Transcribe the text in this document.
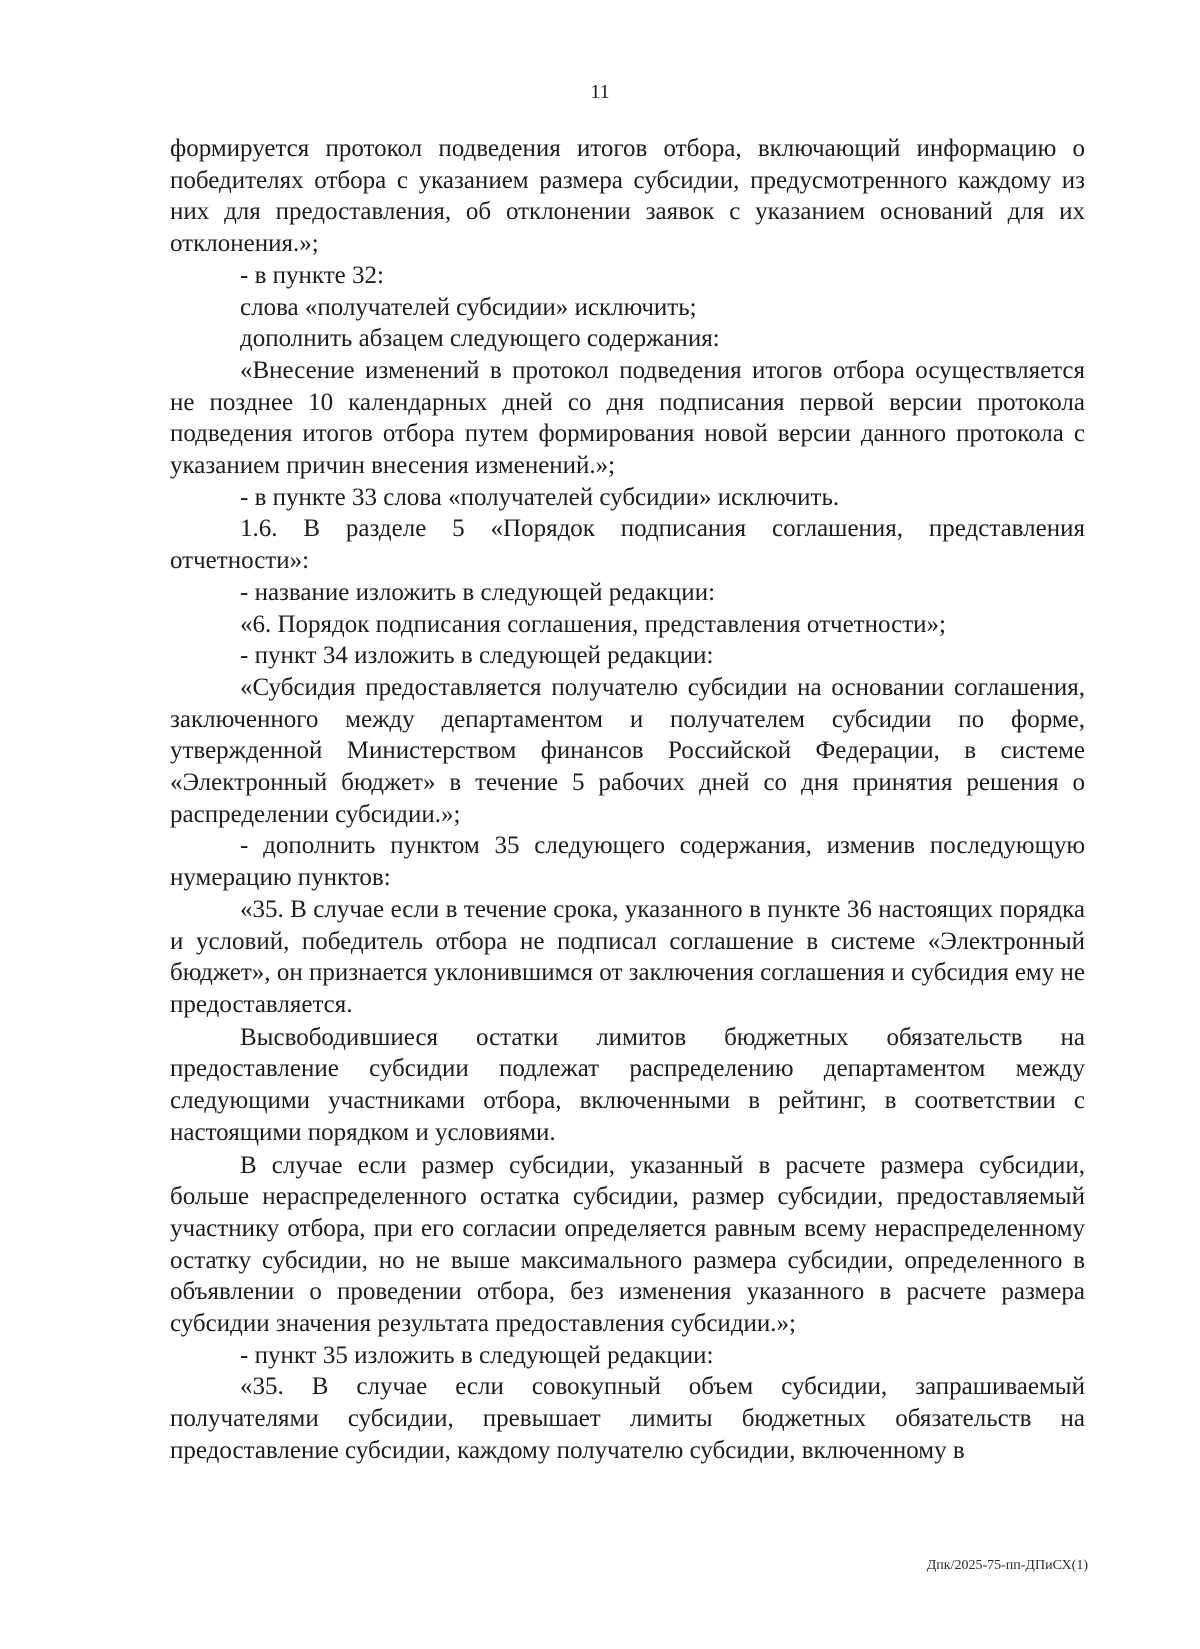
11

формируется протокол подведения итогов отбора, включающий информацию о победителях отбора с указанием размера субсидии, предусмотренного каждому из них для предоставления, об отклонении заявок с указанием оснований для их отклонения.»;

- в пункте 32:

слова «получателей субсидии» исключить;

дополнить абзацем следующего содержания:

«Внесение изменений в протокол подведения итогов отбора осуществляется не позднее 10 календарных дней со дня подписания первой версии протокола подведения итогов отбора путем формирования новой версии данного протокола с указанием причин внесения изменений.»;

- в пункте 33 слова «получателей субсидии» исключить.

1.6. В разделе 5 «Порядок подписания соглашения, представления отчетности»:

- название изложить в следующей редакции:

«6. Порядок подписания соглашения, представления отчетности»;

- пункт 34 изложить в следующей редакции:

«Субсидия предоставляется получателю субсидии на основании соглашения, заключенного между департаментом и получателем субсидии по форме, утвержденной Министерством финансов Российской Федерации, в системе «Электронный бюджет» в течение 5 рабочих дней со дня принятия решения о распределении субсидии.»;

- дополнить пунктом 35 следующего содержания, изменив последующую нумерацию пунктов:

«35. В случае если в течение срока, указанного в пункте 36 настоящих порядка и условий, победитель отбора не подписал соглашение в системе «Электронный бюджет», он признается уклонившимся от заключения соглашения и субсидия ему не предоставляется.

Высвободившиеся остатки лимитов бюджетных обязательств на предоставление субсидии подлежат распределению департаментом между следующими участниками отбора, включенными в рейтинг, в соответствии с настоящими порядком и условиями.

В случае если размер субсидии, указанный в расчете размера субсидии, больше нераспределенного остатка субсидии, размер субсидии, предоставляемый участнику отбора, при его согласии определяется равным всему нераспределенному остатку субсидии, но не выше максимального размера субсидии, определенного в объявлении о проведении отбора, без изменения указанного в расчете размера субсидии значения результата предоставления субсидии.»;

- пункт 35 изложить в следующей редакции:

«35. В случае если совокупный объем субсидии, запрашиваемый получателями субсидии, превышает лимиты бюджетных обязательств на предоставление субсидии, каждому получателю субсидии, включенному в

Дпк/2025-75-пп-ДПиСХ(1)
